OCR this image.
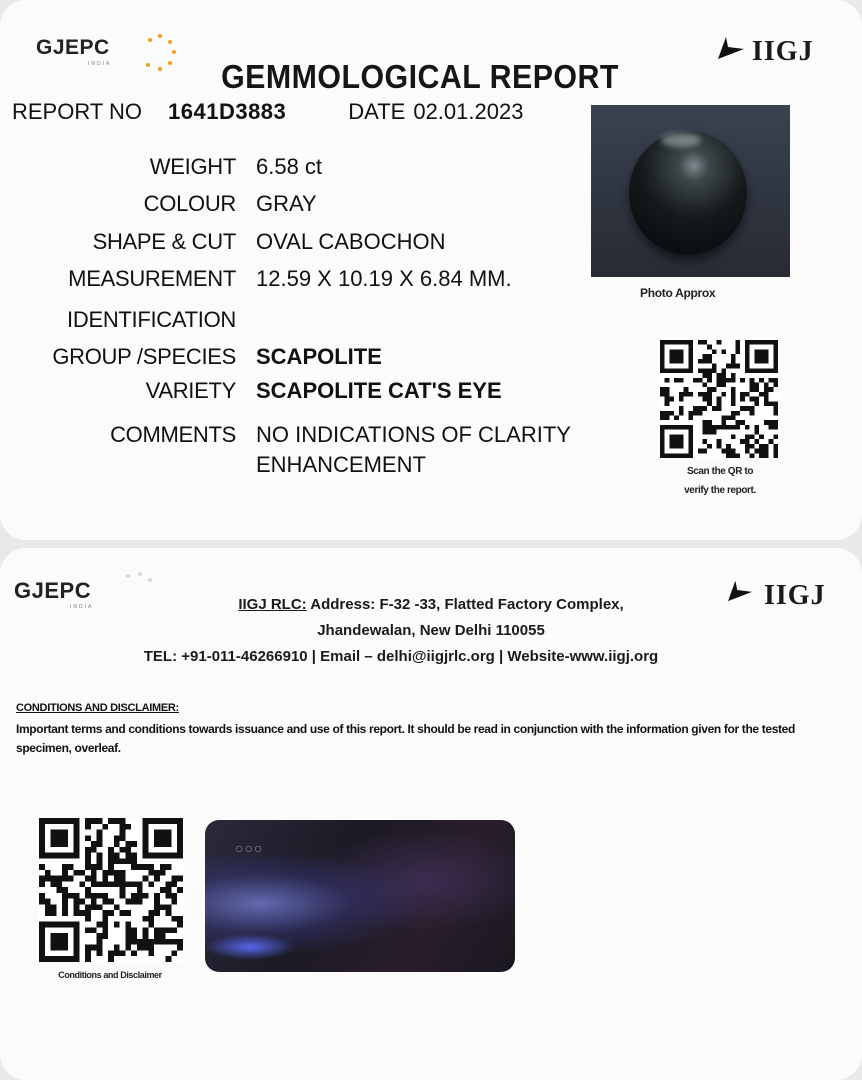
GJEPC
INDIA	IIGJ
GEMMOLOGICAL REPORT
REPORT NO 1641D3883	DATE 02.01.2023
WEIGHT 6.58 ct
COLOUR GRAY
SHAPE & CUT OVAL CABOCHON
MEASUREMENT 12.59 X 10.19 X 6.84 MM.
IDENTIFICATION
GROUP /SPECIES SCAPOLITE
VARIETY SCAPOLITE CAT'S EYE
COMMENTS NO INDICATIONS OF CLARITY
ENHANCEMENT
Photo Approx
Scan the QR to
verify the report.
GJEPC
INDIA	IIGJ
IIGJ RLC: Address: F-32 -33, Flatted Factory Complex,
Jhandewalan, New Delhi 110055
TEL: +91-011-46266910 | Email – delhi@iigjrlc.org | Website-www.iigj.org
CONDITIONS AND DISCLAIMER:
Important terms and conditions towards issuance and use of this report. It should be read in conjunction with the information given for the tested specimen, overleaf.
Conditions and Disclaimer
○○○
